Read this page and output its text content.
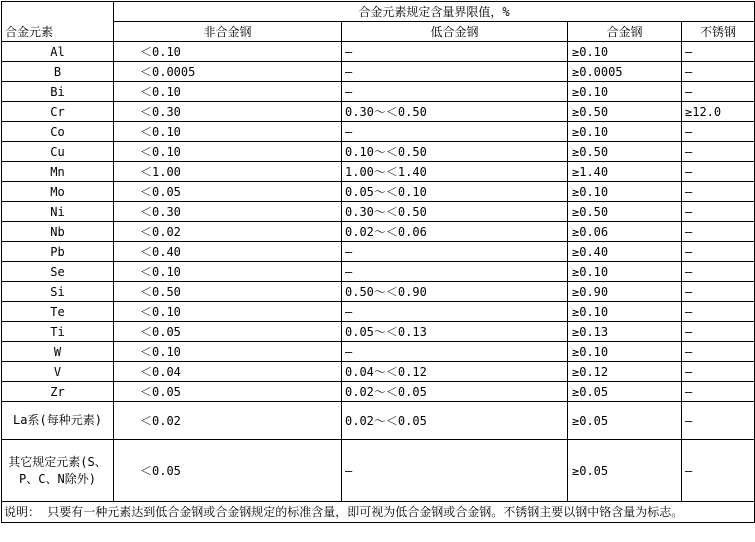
合金元素	合金元素规定含量界限值，%			
	非合金钢	低合金钢	合金钢	不锈钢
Al	＜0.10	—	≥0.10	—
B	＜0.0005	—	≥0.0005	—
Bi	＜0.10	—	≥0.10	—
Cr	＜0.30	0.30～＜0.50	≥0.50	≥12.0
Co	＜0.10	—	≥0.10	—
Cu	＜0.10	0.10～＜0.50	≥0.50	—
Mn	＜1.00	1.00～＜1.40	≥1.40	—
Mo	＜0.05	0.05～＜0.10	≥0.10	—
Ni	＜0.30	0.30～＜0.50	≥0.50	—
Nb	＜0.02	0.02～＜0.06	≥0.06	—
Pb	＜0.40	—	≥0.40	—
Se	＜0.10	—	≥0.10	—
Si	＜0.50	0.50～＜0.90	≥0.90	—
Te	＜0.10	—	≥0.10	—
Ti	＜0.05	0.05～＜0.13	≥0.13	—
W	＜0.10	—	≥0.10	—
V	＜0.04	0.04～＜0.12	≥0.12	—
Zr	＜0.05	0.02～＜0.05	≥0.05	—
La系(每种元素)	＜0.02	0.02～＜0.05	≥0.05	—
其它规定元素(S、P、C、N除外)	＜0.05	—	≥0.05	—
说明： 只要有一种元素达到低合金钢或合金钢规定的标准含量，即可视为低合金钢或合金钢。不锈钢主要以钢中铬含量为标志。				
